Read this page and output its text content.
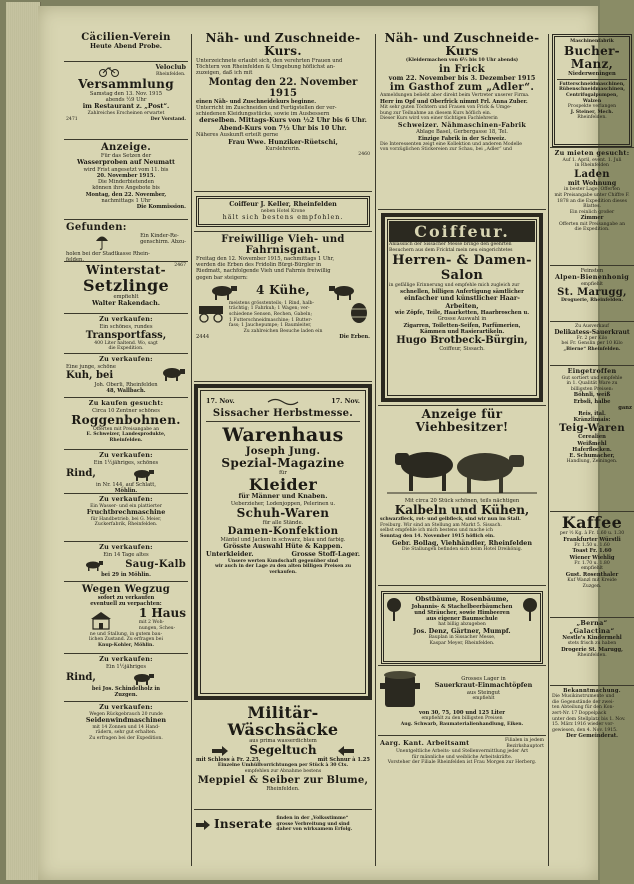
Cäcilien-Verein
Heute Abend Probe.
Veloclub
Rheinfelden.
Versammlung
Samstag den 13. Nov. 1915
abends ½9 Uhr
im Restaurant z. „Post“.
Zahlreiches Erscheinen erwartet
2471	Der Vorstand.
Anzeige.
Für das Setzen der
Wasserproben auf Neumatt
wird Frist angesetzt vom 11. bis
20. November 1915.
Die Minderbietenden
können ihre Angebote bis
Montag, den 22. November,
nachmittags 1 Uhr
Die Kommission.
Gefunden:
Ein Kinder-Re-
genschirm. Abzu-
holen bei der Stadtkasse Rhein-
felden.
2467
Winterstat-
Setzlinge
empfiehlt
Walter Rakendach.
Zu verkaufen:
Ein schönes, rundes
Transportfass,
400 Liter haltend. Wo, sagt
die Expedition.
Zu verkaufen:
Eine junge, schöne
Kuh, bei
Joh. Oberli, Rheinfelden
48, Wallbach.
Zu kaufen gesucht:
Circa 10 Zentner schönes
Roggenbohnen.
Offerten mit Preisangabe an
E. Schweizer, Landesprodukte,
Rheinfelden.
Zu verkaufen:
Ein 1½jähriges, schönes
Rind,
in Nr. 144, auf Schlatt,
Möhlin.
Zu verkaufen:
Ein Wasser- und ein plattierter
Fruchtbrechmaschine
für Handbetrieb, bei G. Meier,
Zuckerfabrik, Rheinfelden.
Zu verkaufen:
Ein 14 Tage altes
Saug-Kalb
bei 29 in Möhlin.
Wegen Wegzug
sofort zu verkaufen
eventuell zu verpachten:
1 Haus
mit 2 Woh-
nungen, Scheu-
ne und Stallung, in gutem bau-
lichen Zustand. Zu erfragen bei
Knup-Kohler, Möhlin.
Zu verkaufen:
Ein 1½jähriges
Rind,
bei Jos. Schindelholz in
Zuzgen.
Zu verkaufen:
Wegen Rückgebrauch 20 runde
Seidenwindmaschinen
mit 14 Zonnen und 14 Hand-
rädern, sehr gut erhalten.
Zu erfragen bei der Expedition.
Näh- und Zuschneide-Kurs.
Unterzeichnete erlaubt sich, den verehrten Frauen und
Töchtern von Rheinfelden & Umgebung höflichst an-
zuzeigen, daß ich mit
Montag den 22. November 1915
einen Näh- und Zuschneidekurs beginne.
Unterricht im Zuschneiden und Fertigstellen der ver-
schiedenen Kleidungsstücke, sowie im Ausbessern
derselben. Mittags-Kurs von ½2 Uhr bis 6 Uhr.
Abend-Kurs von 7½ Uhr bis 10 Uhr.
Näheres Auskunft erteilt gerne
Frau Wwe. Hunziker-Rüetschi,
Kurslehrerin.
2460
Coiffeur J. Keller, Rheinfelden
neben Hotel Krone
hält sich bestens empfohlen.
Freiwillige Vieh- und Fahrnisgant.
Freitag den 12. November 1915, nachmittags 1 Uhr,
werden die Erben des Fridolin Bürgi-Bürgler in
Riedmatt, nachfolgende Vieh und Fahrnis freiwillig
gegen bar steigern:
4 Kühe,
meistens grösstenteils; 1 Rind, halb-
trächtig; 1 Fahrkuh; 1 Wagen; ver-
schiedene Sensen, Rechen, Gabeln;
1 Futterschneidmaschine; 1 Butter-
fass; 1 Jauchepumpe; 1 Baumleiter,
Zu zahlreichen Besuche laden ein
2444	Die Erben.
17. Nov.	17. Nov.
Sissacher Herbstmesse.
Warenhaus
Joseph Jung.
Spezial-Magazine
für
Kleider
für Männer und Knaben.
Ueberzieher, Lodenjoppen, Pelerinen u.
Schuh-Waren
für alle Stände.
Damen-Konfektion
Mäntel und Jacken in schwarz, blau und farbig.
Grösste Auswahl Hüte & Kappen.
Unterkleider.	Grosse Stoff-Lager.
Unsere werten Kundschaft gegenüber sind
wir auch in der Lage zu den alten billigen Preisen zu
verkaufen.
Militär-Wäschsäcke
aus prima wasserdichtem
Segeltuch
mit Schloss à Fr. 2.25,	mit Schnur à 1.25
Einzelne Umhüllvorrichtungen per Stück à 30 Cts.
empfehlen zur Abnahme bestens
Meppiel & Seiber zur Blume,
Rheinfelden.
Inserate finden in der „Volksstimme“
grosse Verbreitung und sind
daher von wirksamem Erfolg.
Näh- und Zuschneide-Kurs
(Kleidermachen von 6½ bis 10 Uhr abends)
in Frick
vom 22. November bis 3. Dezember 1915
im Gasthof zum „Adler“.
Anmeldungen beliebt aber direkt beim Vertreter unserer Firma.
Herr im Opf und Oberfrick nimmt Frl. Anna Zuber.
Mit sehr guten Töchtern und Frauen von Frick & Umge-
bung zur Teilnahme an diesem Kurs höflich ein.
Dieser Kurs wird von einer tüchtigen Fachlehrerin
Schweizer. Nähmaschinen-Fabrik
Ablage Basel, Gerbergasse 18, Tel.
Einzige Fabrik in der Schweiz.
Die Interessenten zeigt eine Kollektion und anderen Modelle
von vorzüglichen Stickereien zur Schau, bei „Adler“ und
Coiffeur.
Anlässlich der Sissacher Messe bringe den geehrten
Besuchern aus dem Fricktal mein neu eingerichtetes
Herren- & Damen-Salon
in gefällige Erinnerung und empfehle mich zugleich zur
schnellen, billigen Anfertigung sämtlicher
einfacher und künstlicher Haar-Arbeiten,
wie Zöpfe, Teile, Haarketten, Haarbroschen u.
Grosse Auswahl in
Zigarren, Toiletten-Seifen, Parfümerien,
Kämmen und Rasierartikeln.
Hugo Brotbeck-Bürgin,
Coiffeur, Sissach.
Anzeige für Viehbesitzer!
Mit circa 20 Stück schönen, teils nächtigen
Kalbeln und Kühen,
schwarzfleck, rot- und gelbfleck, sind wir nun im Stall.
Freiburg. Wir sind an Stellung am Markt 5. Sissach.
selbst empfehle ich mich bestens und mache ich
Sonntag den 14. November 1915 höflich ein.
Gebr. Bollag, Viehhändler, Rheinfelden
Die Stallungen befinden sich beim Hotel Dreikönig.
Obstbäume, Rosenbäume,
Johannis- & Stachelbeerbäumchen
und Sträucher, sowie Himbeeren
aus eigener Baumschule
hat billig abzugeben
Jos. Denz, Gärtner, Mumpf.
Bauplan in Sissacher Messe,
Kaspar Meyer, Rheinfelden.
Grosses Lager in
Sauerkraut-Einmachtöpfen
aus Steingut
empfiehlt
von 30, 75, 100 und 125 Liter
empfiehlt zu den billigsten Preisen
Aug. Schwarb, Baumaterialienhandlung, Eiken.
Aarg. Kant. Arbeitsamt	Filialen in jedem
Bezirkshauptort
Unentgeltliche Arbeits- und Stellenvermittlung jeder Art
für männliche und weibliche Arbeitskräfte.
Vorsteher der Filiale Rheinfelden ist Frau Morgen zur Herberg.
Maschinenfabrik
Bucher-Manz,
Niederweningen
Futterschneidmaschinen,
Rübenschneidmaschinen,
Centrifugalpumpen,
Walzen
Prospekte verlangen
J. Steiner, Mech.
Rheinfelden.
Zu mieten gesucht:
Auf 1. April, event. 1. Juli
in Rheinfelden
Laden
mit Wohnung
in bester Lage. Offerten
mit Preisangabe unter Chiffre F.
1878 an die Expedition dieses
Blattes.
Ein reinlich großer
Zimmer
Offerten mit Preisangabe an
die Expedition.
Feinsten
Alpen-Bienenhonig
empfiehlt
St. Marugg,
Droguerie, Rheinfelden.
Zu Ausverkauf
Delikatess-Sauerkraut
Fr. 2 per Kilo
bei Fr. Genslin per 10 Kilo
„Bierne“ Rheinfelden.
Eingetroffen
Gut sortiert und empfehle
in 1. Qualität Ware zu
billigsten Preisen:
Böhnli, weiß
Erbsli, halbe
ganz
Reis, ital.
Kränzlimais:
Teig-Waren
Cerealien
Weißmehl
Haferflocken.
E. Schumacher,
Handlung, Zeiningen.
Kaffee
per ½ Kg. à Fr. 1.60 u. 1.30
Frankfurter Würstli
Fr. 1.50 u. 1.60
Toast Fr. 1.60
Wiener Wiehlig
Fr. 1.70 u. 1.80
empfiehlt
Gust. Rosenthaler
Kuf Wanzl mit Kreide
Zuzgen.
„Berna“
„Galactina“
Nestle's Kindermehl
stets frisch zu haben
Drogerie St. Marugg,
Rheinfelden.
Bekanntmachung.
Die Musikinstrumente und
die Gegenstände der zwei-
ten Abteilung für den Kon-
zert-Nr. 17 Doppelpack
unter dem Stellplatz bis 1. Nov.
15. März 1916 wieder vor-
gewiesen, den 4. Nov. 1915.
Der Gemeinderat.
